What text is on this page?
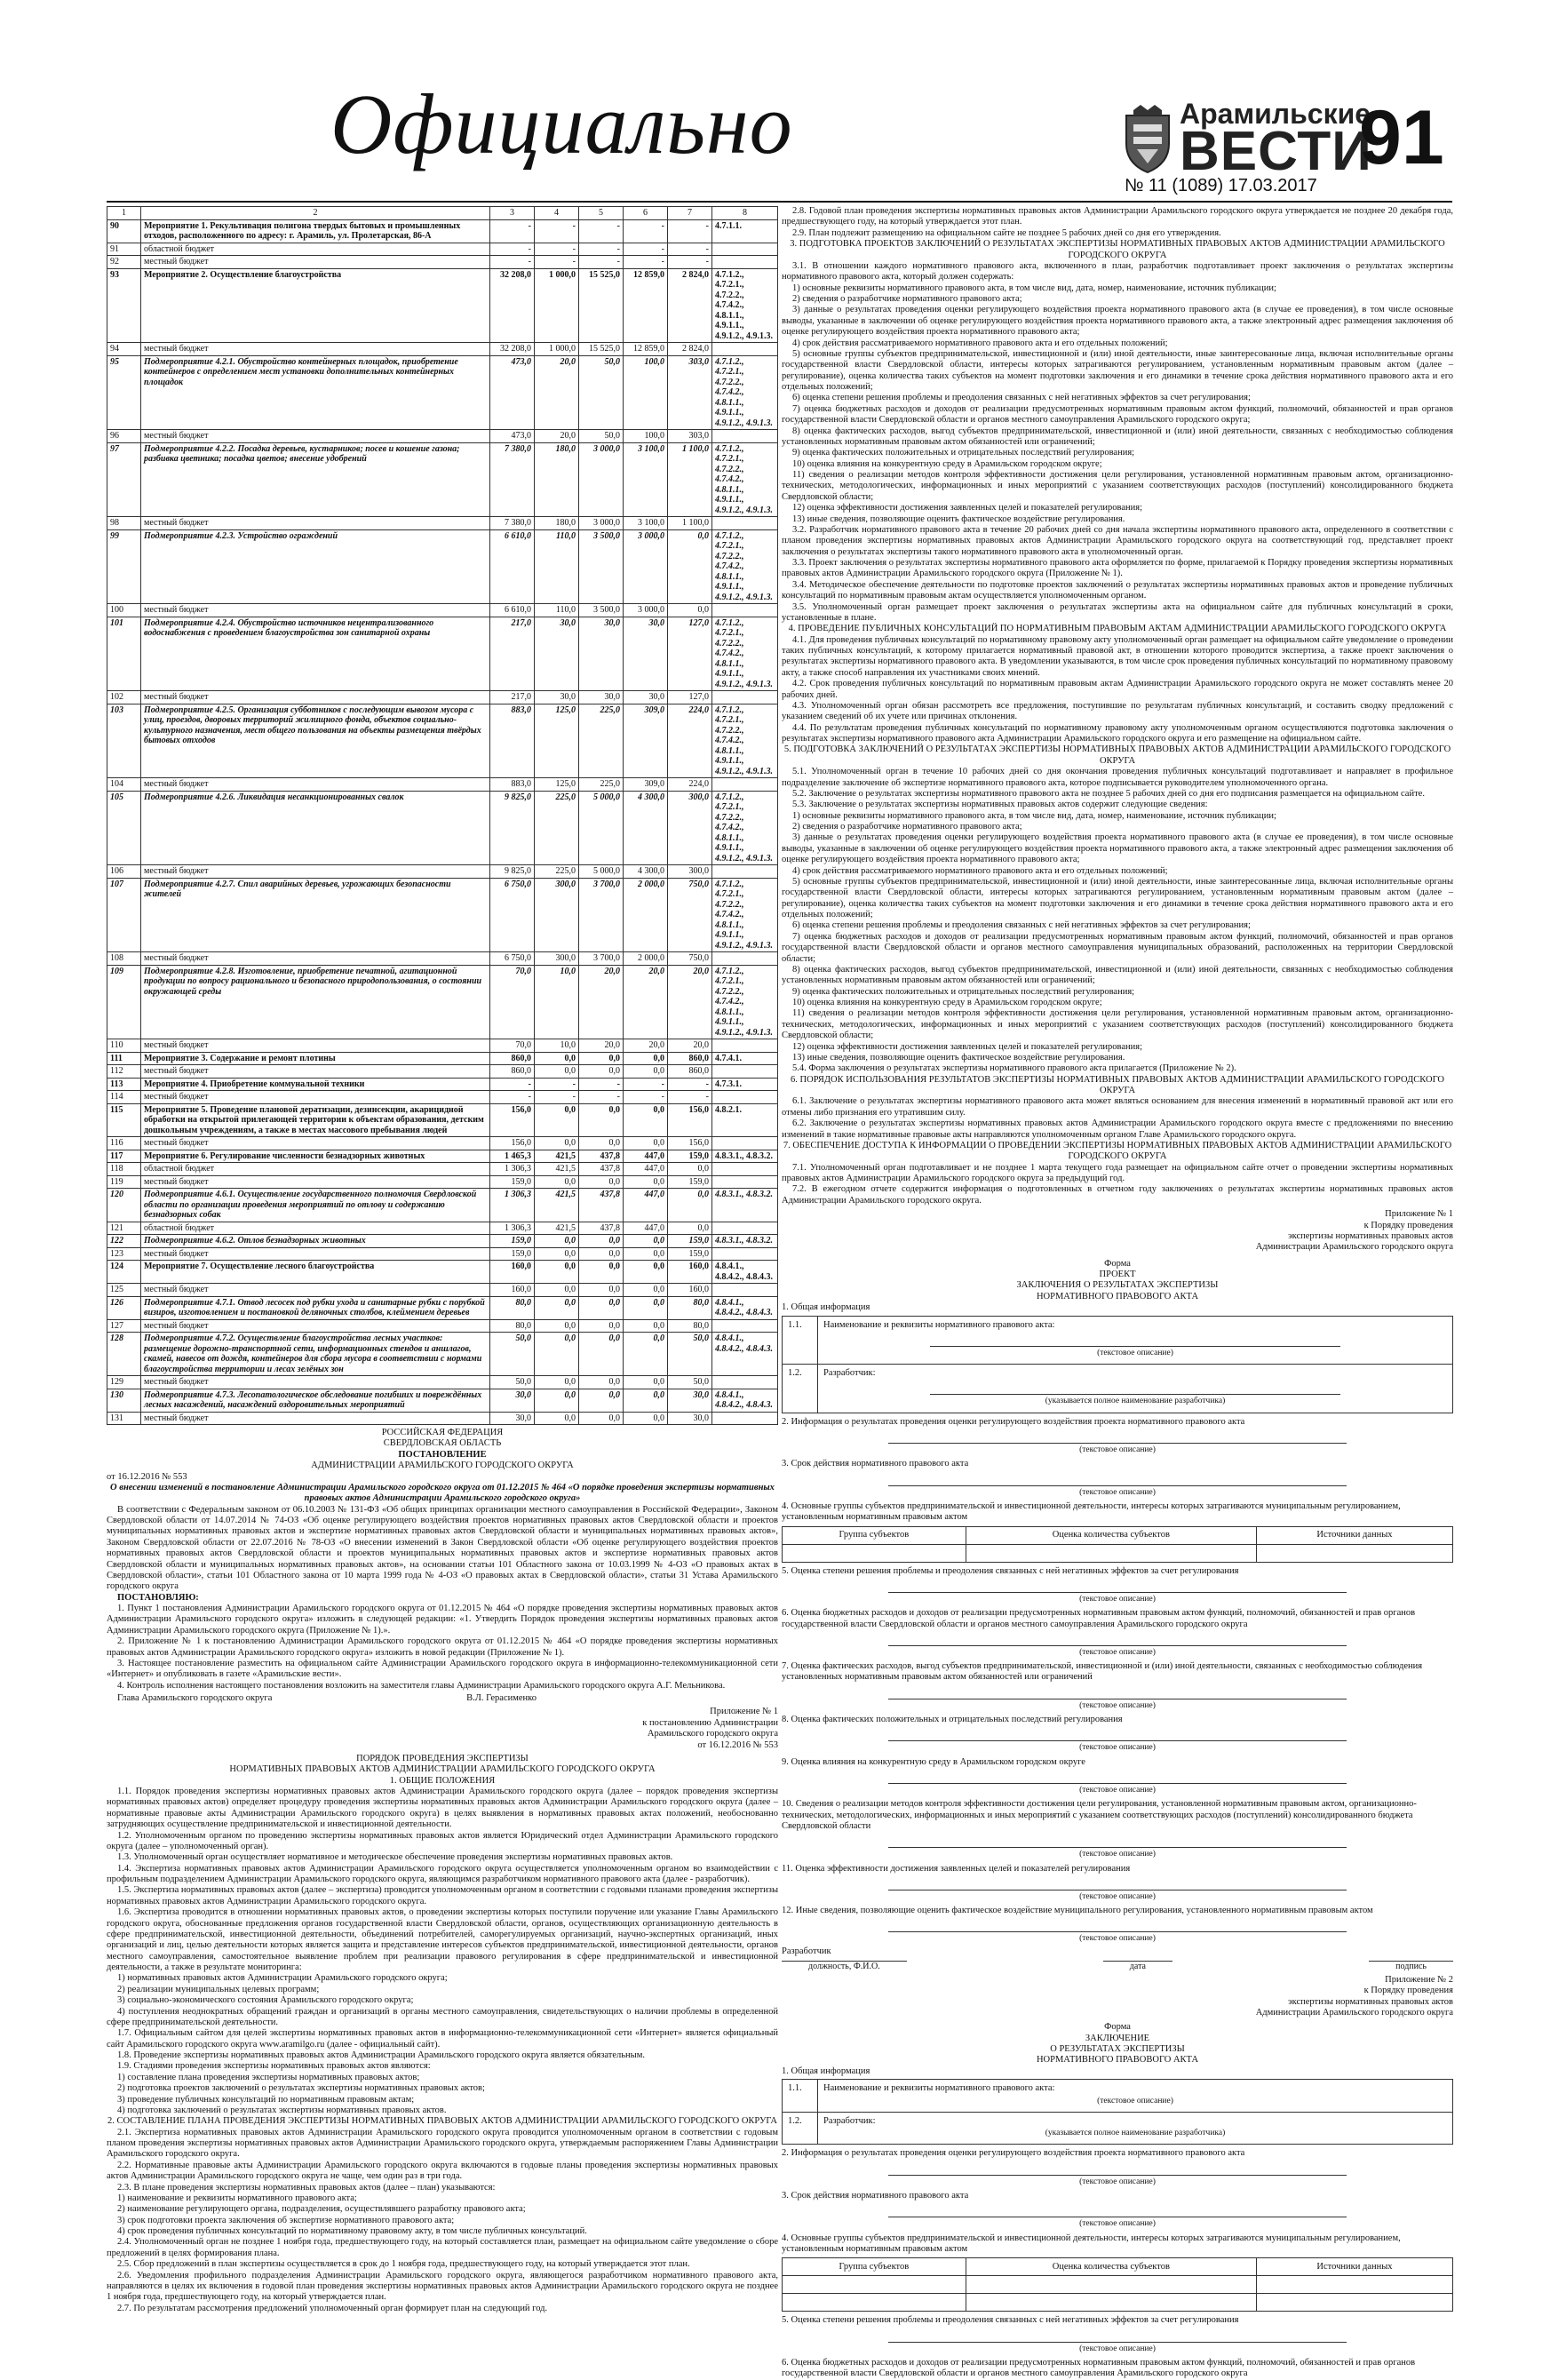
Официально	Арамильские
ВЕСТИ
91
№ 11 (1089) 17.03.2017
1	2	3	4	5	6	7	8
90	Мероприятие 1. Рекультивация полигона твердых бытовых и промышленных отходов, расположенного по адресу: г. Арамиль, ул. Пролетарская, 86-А	-	-	-	-	-	4.7.1.1.
91	областной бюджет	-	-	-	-	-	
92	местный бюджет	-	-	-	-	-	
93	Мероприятие 2. Осуществление благоустройства	32 208,0	1 000,0	15 525,0	12 859,0	2 824,0	4.7.1.2., 4.7.2.1., 4.7.2.2., 4.7.4.2., 4.8.1.1., 4.9.1.1., 4.9.1.2., 4.9.1.3.
94	местный бюджет	32 208,0	1 000,0	15 525,0	12 859,0	2 824,0	
95	Подмероприятие 4.2.1. Обустройство контейнерных площадок, приобретение контейнеров с определением мест установки дополнительных контейнерных площадок	473,0	20,0	50,0	100,0	303,0	4.7.1.2., 4.7.2.1., 4.7.2.2., 4.7.4.2., 4.8.1.1., 4.9.1.1., 4.9.1.2., 4.9.1.3.
96	местный бюджет	473,0	20,0	50,0	100,0	303,0	
97	Подмероприятие 4.2.2. Посадка деревьев, кустарников; посев и кошение газона; разбивка цветника; посадка цветов; внесение удобрений	7 380,0	180,0	3 000,0	3 100,0	1 100,0	4.7.1.2., 4.7.2.1., 4.7.2.2., 4.7.4.2., 4.8.1.1., 4.9.1.1., 4.9.1.2., 4.9.1.3.
98	местный бюджет	7 380,0	180,0	3 000,0	3 100,0	1 100,0	
99	Подмероприятие 4.2.3. Устройство ограждений	6 610,0	110,0	3 500,0	3 000,0	0,0	4.7.1.2., 4.7.2.1., 4.7.2.2., 4.7.4.2., 4.8.1.1., 4.9.1.1., 4.9.1.2., 4.9.1.3.
100	местный бюджет	6 610,0	110,0	3 500,0	3 000,0	0,0	
101	Подмероприятие 4.2.4. Обустройство источников нецентрализованного водоснабжения с проведением благоустройства зон санитарной охраны	217,0	30,0	30,0	30,0	127,0	4.7.1.2., 4.7.2.1., 4.7.2.2., 4.7.4.2., 4.8.1.1., 4.9.1.1., 4.9.1.2., 4.9.1.3.
102	местный бюджет	217,0	30,0	30,0	30,0	127,0	
103	Подмероприятие 4.2.5. Организация субботников с последующим вывозом мусора с улиц, проездов, дворовых территорий жилищного фонда, объектов социально-культурного назначения, мест общего пользования на объекты размещения твёрдых бытовых отходов	883,0	125,0	225,0	309,0	224,0	4.7.1.2., 4.7.2.1., 4.7.2.2., 4.7.4.2., 4.8.1.1., 4.9.1.1., 4.9.1.2., 4.9.1.3.
104	местный бюджет	883,0	125,0	225,0	309,0	224,0	
105	Подмероприятие 4.2.6. Ликвидация несанкционированных свалок	9 825,0	225,0	5 000,0	4 300,0	300,0	4.7.1.2., 4.7.2.1., 4.7.2.2., 4.7.4.2., 4.8.1.1., 4.9.1.1., 4.9.1.2., 4.9.1.3.
106	местный бюджет	9 825,0	225,0	5 000,0	4 300,0	300,0	
107	Подмероприятие 4.2.7. Спил аварийных деревьев, угрожающих безопасности жителей	6 750,0	300,0	3 700,0	2 000,0	750,0	4.7.1.2., 4.7.2.1., 4.7.2.2., 4.7.4.2., 4.8.1.1., 4.9.1.1., 4.9.1.2., 4.9.1.3.
108	местный бюджет	6 750,0	300,0	3 700,0	2 000,0	750,0	
109	Подмероприятие 4.2.8. Изготовление, приобретение печатной, агитационной продукции по вопросу рационального и безопасного природопользования, о состоянии окружающей среды	70,0	10,0	20,0	20,0	20,0	4.7.1.2., 4.7.2.1., 4.7.2.2., 4.7.4.2., 4.8.1.1., 4.9.1.1., 4.9.1.2., 4.9.1.3.
110	местный бюджет	70,0	10,0	20,0	20,0	20,0	
111	Мероприятие 3. Содержание и ремонт плотины	860,0	0,0	0,0	0,0	860,0	4.7.4.1.
112	местный бюджет	860,0	0,0	0,0	0,0	860,0	
113	Мероприятие 4. Приобретение коммунальной техники	-	-	-	-	-	4.7.3.1.
114	местный бюджет	-	-	-	-	-	
115	Мероприятие 5. Проведение плановой дератизации, дезинсекции, акарицидной обработки на открытой прилегающей территории к объектам образования, детским дошкольным учреждениям, а также в местах массового пребывания людей	156,0	0,0	0,0	0,0	156,0	4.8.2.1.
116	местный бюджет	156,0	0,0	0,0	0,0	156,0	
117	Мероприятие 6. Регулирование численности безнадзорных животных	1 465,3	421,5	437,8	447,0	159,0	4.8.3.1., 4.8.3.2.
118	областной бюджет	1 306,3	421,5	437,8	447,0	0,0	
119	местный бюджет	159,0	0,0	0,0	0,0	159,0	
120	Подмероприятие 4.6.1. Осуществление государственного полномочия Свердловской области по организации проведения мероприятий по отлову и содержанию безнадзорных собак	1 306,3	421,5	437,8	447,0	0,0	4.8.3.1., 4.8.3.2.
121	областной бюджет	1 306,3	421,5	437,8	447,0	0,0	
122	Подмероприятие 4.6.2. Отлов безнадзорных животных	159,0	0,0	0,0	0,0	159,0	4.8.3.1., 4.8.3.2.
123	местный бюджет	159,0	0,0	0,0	0,0	159,0	
124	Мероприятие 7. Осуществление лесного благоустройства	160,0	0,0	0,0	0,0	160,0	4.8.4.1., 4.8.4.2., 4.8.4.3.
125	местный бюджет	160,0	0,0	0,0	0,0	160,0	
126	Подмероприятие 4.7.1. Отвод лесосек под рубки ухода и санитарные рубки с порубкой визиров, изготовлением и постановкой деляночных столбов, клеймением деревьев	80,0	0,0	0,0	0,0	80,0	4.8.4.1., 4.8.4.2., 4.8.4.3.
127	местный бюджет	80,0	0,0	0,0	0,0	80,0	
128	Подмероприятие 4.7.2. Осуществление благоустройства лесных участков: размещение дорожно-транспортной сети, информационных стендов и аншлагов, скамей, навесов от дождя, контейнеров для сбора мусора в соответствии с нормами благоустройства территории и лесах зелёных зон	50,0	0,0	0,0	0,0	50,0	4.8.4.1., 4.8.4.2., 4.8.4.3.
129	местный бюджет	50,0	0,0	0,0	0,0	50,0	
130	Подмероприятие 4.7.3. Лесопатологическое обследование погибших и повреждённых лесных насаждений, насаждений оздоровительных мероприятий	30,0	0,0	0,0	0,0	30,0	4.8.4.1., 4.8.4.2., 4.8.4.3.
131	местный бюджет	30,0	0,0	0,0	0,0	30,0	
РОССИЙСКАЯ ФЕДЕРАЦИЯ
СВЕРДЛОВСКАЯ ОБЛАСТЬ
ПОСТАНОВЛЕНИЕ
АДМИНИСТРАЦИИ АРАМИЛЬСКОГО ГОРОДСКОГО ОКРУГА
от 16.12.2016 № 553
О внесении изменений в постановление Администрации Арамильского городского округа от 01.12.2015 № 464 «О порядке проведения экспертизы нормативных правовых актов Администрации Арамильского городского округа»

В соответствии с Федеральным законом от 06.10.2003 № 131-ФЗ «Об общих принципах организации местного самоуправления в Российской Федерации», Законом Свердловской области от 14.07.2014 № 74-ОЗ «Об оценке регулирующего воздействия проектов нормативных правовых актов Свердловской области и проектов муниципальных нормативных правовых актов и экспертизе нормативных правовых актов Свердловской области и муниципальных нормативных правовых актов», Законом Свердловской области от 22.07.2016 № 78-ОЗ «О внесении изменений в Закон Свердловской области «Об оценке регулирующего воздействия проектов нормативных правовых актов Свердловской области и проектов муниципальных нормативных правовых актов и экспертизе нормативных правовых актов Свердловской области и муниципальных нормативных правовых актов», на основании статьи 101 Областного закона от 10.03.1999 № 4-ОЗ «О правовых актах в Свердловской области», статьи 101 Областного закона от 10 марта 1999 года № 4-ОЗ «О правовых актах в Свердловской области», статьи 31 Устава Арамильского городского округа

ПОСТАНОВЛЯЮ:

1. Пункт 1 постановления Администрации Арамильского городского округа от 01.12.2015 № 464 «О порядке проведения экспертизы нормативных правовых актов Администрации Арамильского городского округа» изложить в следующей редакции: «1. Утвердить Порядок проведения экспертизы нормативных правовых актов Администрации Арамильского городского округа (Приложение № 1).».

2. Приложение № 1 к постановлению Администрации Арамильского городского округа от 01.12.2015 № 464 «О порядке проведения экспертизы нормативных правовых актов Администрации Арамильского городского округа» изложить в новой редакции (Приложение № 1).

3. Настоящее постановление разместить на официальном сайте Администрации Арамильского городского округа в информационно-телекоммуникационной сети «Интернет» и опубликовать в газете «Арамильские вести».

4. Контроль исполнения настоящего постановления возложить на заместителя главы Администрации Арамильского городского округа А.Г. Мельникова.

Глава Арамильского городского округа	В.Л. Герасименко
Приложение № 1
к постановлению Администрации
Арамильского городского округа
от 16.12.2016 № 553
ПОРЯДОК ПРОВЕДЕНИЯ ЭКСПЕРТИЗЫ
НОРМАТИВНЫХ ПРАВОВЫХ АКТОВ АДМИНИСТРАЦИИ АРАМИЛЬСКОГО ГОРОДСКОГО ОКРУГА
1. ОБЩИЕ ПОЛОЖЕНИЯ

1.1. Порядок проведения экспертизы нормативных правовых актов Администрации Арамильского городского округа (далее – порядок проведения экспертизы нормативных правовых актов) определяет процедуру проведения экспертизы нормативных правовых актов Администрации Арамильского городского округа (далее – нормативные правовые акты Администрации Арамильского городского округа) в целях выявления в нормативных правовых актах положений, необоснованно затрудняющих осуществление предпринимательской и инвестиционной деятельности.

1.2. Уполномоченным органом по проведению экспертизы нормативных правовых актов является Юридический отдел Администрации Арамильского городского округа (далее – уполномоченный орган).

1.3. Уполномоченный орган осуществляет нормативное и методическое обеспечение проведения экспертизы нормативных правовых актов.

1.4. Экспертиза нормативных правовых актов Администрации Арамильского городского округа осуществляется уполномоченным органом во взаимодействии с профильным подразделением Администрации Арамильского городского округа, являющимся разработчиком нормативного правового акта (далее - разработчик).

1.5. Экспертиза нормативных правовых актов (далее – экспертиза) проводится уполномоченным органом в соответствии с годовыми планами проведения экспертизы нормативных правовых актов Администрации Арамильского городского округа.

1.6. Экспертиза проводится в отношении нормативных правовых актов, о проведении экспертизы которых поступили поручение или указание Главы Арамильского городского округа, обоснованные предложения органов государственной власти Свердловской области, органов, осуществляющих организационную деятельность в сфере предпринимательской, инвестиционной деятельности, объединений потребителей, саморегулируемых организаций, научно-экспертных организаций, иных организаций и лиц, целью деятельности которых является защита и представление интересов субъектов предпринимательской, инвестиционной деятельности, органов местного самоуправления, самостоятельное выявление проблем при реализации правового регулирования в сфере предпринимательской и инвестиционной деятельности, а также в результате мониторинга:

1) нормативных правовых актов Администрации Арамильского городского округа;

2) реализации муниципальных целевых программ;

3) социально-экономического состояния Арамильского городского округа;

4) поступления неоднократных обращений граждан и организаций в органы местного самоуправления, свидетельствующих о наличии проблемы в определенной сфере предпринимательской деятельности.

1.7. Официальным сайтом для целей экспертизы нормативных правовых актов в информационно-телекоммуникационной сети «Интернет» является официальный сайт Арамильского городского округа www.aramilgo.ru (далее - официальный сайт).

1.8. Проведение экспертизы нормативных правовых актов Администрации Арамильского городского округа является обязательным.

1.9. Стадиями проведения экспертизы нормативных правовых актов являются:

1) составление плана проведения экспертизы нормативных правовых актов;

2) подготовка проектов заключений о результатах экспертизы нормативных правовых актов;

3) проведение публичных консультаций по нормативным правовым актам;

4) подготовка заключений о результатах экспертизы нормативных правовых актов.

2. СОСТАВЛЕНИЕ ПЛАНА ПРОВЕДЕНИЯ ЭКСПЕРТИЗЫ НОРМАТИВНЫХ ПРАВОВЫХ АКТОВ АДМИНИСТРАЦИИ АРАМИЛЬСКОГО ГОРОДСКОГО ОКРУГА

2.1. Экспертиза нормативных правовых актов Администрации Арамильского городского округа проводится уполномоченным органом в соответствии с годовым планом проведения экспертизы нормативных правовых актов Администрации Арамильского городского округа, утверждаемым распоряжением Главы Администрации Арамильского городского округа.

2.2. Нормативные правовые акты Администрации Арамильского городского округа включаются в годовые планы проведения экспертизы нормативных правовых актов Администрации Арамильского городского округа не чаще, чем один раз в три года.

2.3. В плане проведения экспертизы нормативных правовых актов (далее – план) указываются:

1) наименование и реквизиты нормативного правового акта;

2) наименование регулирующего органа, подразделения, осуществлявшего разработку правового акта;

3) срок подготовки проекта заключения об экспертизе нормативного правового акта;

4) срок проведения публичных консультаций по нормативному правовому акту, в том числе публичных консультаций.

2.4. Уполномоченный орган не позднее 1 ноября года, предшествующего году, на который составляется план, размещает на официальном сайте уведомление о сборе предложений в целях формирования плана.

2.5. Сбор предложений в план экспертизы осуществляется в срок до 1 ноября года, предшествующего году, на который утверждается этот план.

2.6. Уведомления профильного подразделения Администрации Арамильского городского округа, являющегося разработчиком нормативного правового акта, направляются в целях их включения в годовой план проведения экспертизы нормативных правовых актов Администрации Арамильского городского округа не позднее 1 ноября года, предшествующего году, на который утверждается план.

2.7. По результатам рассмотрения предложений уполномоченный орган формирует план на следующий год.

2.8. Годовой план проведения экспертизы нормативных правовых актов Администрации Арамильского городского округа утверждается не позднее 20 декабря года, предшествующего году, на который утверждается этот план.

2.9. План подлежит размещению на официальном сайте не позднее 5 рабочих дней со дня его утверждения.

3. ПОДГОТОВКА ПРОЕКТОВ ЗАКЛЮЧЕНИЙ О РЕЗУЛЬТАТАХ ЭКСПЕРТИЗЫ НОРМАТИВНЫХ ПРАВОВЫХ АКТОВ АДМИНИСТРАЦИИ АРАМИЛЬСКОГО ГОРОДСКОГО ОКРУГА

3.1. В отношении каждого нормативного правового акта, включенного в план, разработчик подготавливает проект заключения о результатах экспертизы нормативного правового акта, который должен содержать:

1) основные реквизиты нормативного правового акта, в том числе вид, дата, номер, наименование, источник публикации;

2) сведения о разработчике нормативного правового акта;

3) данные о результатах проведения оценки регулирующего воздействия проекта нормативного правового акта (в случае ее проведения), в том числе основные выводы, указанные в заключении об оценке регулирующего воздействия проекта нормативного правового акта, а также электронный адрес размещения заключения об оценке регулирующего воздействия проекта нормативного правового акта;

4) срок действия рассматриваемого нормативного правового акта и его отдельных положений;

5) основные группы субъектов предпринимательской, инвестиционной и (или) иной деятельности, иные заинтересованные лица, включая исполнительные органы государственной власти Свердловской области, интересы которых затрагиваются регулированием, установленным нормативным правовым актом (далее – регулирование), оценка количества таких субъектов на момент подготовки заключения и его динамики в течение срока действия нормативного правового акта и его отдельных положений;

6) оценка степени решения проблемы и преодоления связанных с ней негативных эффектов за счет регулирования;

7) оценка бюджетных расходов и доходов от реализации предусмотренных нормативным правовым актом функций, полномочий, обязанностей и прав органов государственной власти Свердловской области и органов местного самоуправления Арамильского городского округа;

8) оценка фактических расходов, выгод субъектов предпринимательской, инвестиционной и (или) иной деятельности, связанных с необходимостью соблюдения установленных нормативным правовым актом обязанностей или ограничений;

9) оценка фактических положительных и отрицательных последствий регулирования;

10) оценка влияния на конкурентную среду в Арамильском городском округе;

11) сведения о реализации методов контроля эффективности достижения цели регулирования, установленной нормативным правовым актом, организационно-технических, методологических, информационных и иных мероприятий с указанием соответствующих расходов (поступлений) консолидированного бюджета Свердловской области;

12) оценка эффективности достижения заявленных целей и показателей регулирования;

13) иные сведения, позволяющие оценить фактическое воздействие регулирования.

3.2. Разработчик нормативного правового акта в течение 20 рабочих дней со дня начала экспертизы нормативного правового акта, определенного в соответствии с планом проведения экспертизы нормативных правовых актов Администрации Арамильского городского округа на соответствующий год, представляет проект заключения о результатах экспертизы такого нормативного правового акта в уполномоченный орган.

3.3. Проект заключения о результатах экспертизы нормативного правового акта оформляется по форме, прилагаемой к Порядку проведения экспертизы нормативных правовых актов Администрации Арамильского городского округа (Приложение № 1).

3.4. Методическое обеспечение деятельности по подготовке проектов заключений о результатах экспертизы нормативных правовых актов и проведение публичных консультаций по нормативным правовым актам осуществляется уполномоченным органом.

3.5. Уполномоченный орган размещает проект заключения о результатах экспертизы акта на официальном сайте для публичных консультаций в сроки, установленные в плане.

4. ПРОВЕДЕНИЕ ПУБЛИЧНЫХ КОНСУЛЬТАЦИЙ ПО НОРМАТИВНЫМ ПРАВОВЫМ АКТАМ АДМИНИСТРАЦИИ АРАМИЛЬСКОГО ГОРОДСКОГО ОКРУГА

4.1. Для проведения публичных консультаций по нормативному правовому акту уполномоченный орган размещает на официальном сайте уведомление о проведении таких публичных консультаций, к которому прилагается нормативный правовой акт, в отношении которого проводится экспертиза, а также проект заключения о результатах экспертизы нормативного правового акта. В уведомлении указываются, в том числе срок проведения публичных консультаций по нормативному правовому акту, а также способ направления их участниками своих мнений.

4.2. Срок проведения публичных консультаций по нормативным правовым актам Администрации Арамильского городского округа не может составлять менее 20 рабочих дней.

4.3. Уполномоченный орган обязан рассмотреть все предложения, поступившие по результатам публичных консультаций, и составить сводку предложений с указанием сведений об их учете или причинах отклонения.

4.4. По результатам проведения публичных консультаций по нормативному правовому акту уполномоченным органом осуществляются подготовка заключения о результатах экспертизы нормативного правового акта Администрации Арамильского городского округа и его размещение на официальном сайте.

5. ПОДГОТОВКА ЗАКЛЮЧЕНИЙ О РЕЗУЛЬТАТАХ ЭКСПЕРТИЗЫ НОРМАТИВНЫХ ПРАВОВЫХ АКТОВ АДМИНИСТРАЦИИ АРАМИЛЬСКОГО ГОРОДСКОГО ОКРУГА

5.1. Уполномоченный орган в течение 10 рабочих дней со дня окончания проведения публичных консультаций подготавливает и направляет в профильное подразделение заключение об экспертизе нормативного правового акта, которое подписывается руководителем уполномоченного органа.

5.2. Заключение о результатах экспертизы нормативного правового акта не позднее 5 рабочих дней со дня его подписания размещается на официальном сайте.

5.3. Заключение о результатах экспертизы нормативных правовых актов содержит следующие сведения:

1) основные реквизиты нормативного правового акта, в том числе вид, дата, номер, наименование, источник публикации;

2) сведения о разработчике нормативного правового акта;

3) данные о результатах проведения оценки регулирующего воздействия проекта нормативного правового акта (в случае ее проведения), в том числе основные выводы, указанные в заключении об оценке регулирующего воздействия проекта нормативного правового акта, а также электронный адрес размещения заключения об оценке регулирующего воздействия проекта нормативного правового акта;

4) срок действия рассматриваемого нормативного правового акта и его отдельных положений;

5) основные группы субъектов предпринимательской, инвестиционной и (или) иной деятельности, иные заинтересованные лица, включая исполнительные органы государственной власти Свердловской области, интересы которых затрагиваются регулированием, установленным нормативным правовым актом (далее – регулирование), оценка количества таких субъектов на момент подготовки заключения и его динамики в течение срока действия нормативного правового акта и его отдельных положений;

6) оценка степени решения проблемы и преодоления связанных с ней негативных эффектов за счет регулирования;

7) оценка бюджетных расходов и доходов от реализации предусмотренных нормативным правовым актом функций, полномочий, обязанностей и прав органов государственной власти Свердловской области и органов местного самоуправления муниципальных образований, расположенных на территории Свердловской области;

8) оценка фактических расходов, выгод субъектов предпринимательской, инвестиционной и (или) иной деятельности, связанных с необходимостью соблюдения установленных нормативным правовым актом обязанностей или ограничений;

9) оценка фактических положительных и отрицательных последствий регулирования;

10) оценка влияния на конкурентную среду в Арамильском городском округе;

11) сведения о реализации методов контроля эффективности достижения цели регулирования, установленной нормативным правовым актом, организационно-технических, методологических, информационных и иных мероприятий с указанием соответствующих расходов (поступлений) консолидированного бюджета Свердловской области;

12) оценка эффективности достижения заявленных целей и показателей регулирования;

13) иные сведения, позволяющие оценить фактическое воздействие регулирования.

5.4. Форма заключения о результатах экспертизы нормативного правового акта прилагается (Приложение № 2).

6. ПОРЯДОК ИСПОЛЬЗОВАНИЯ РЕЗУЛЬТАТОВ ЭКСПЕРТИЗЫ НОРМАТИВНЫХ ПРАВОВЫХ АКТОВ АДМИНИСТРАЦИИ АРАМИЛЬСКОГО ГОРОДСКОГО ОКРУГА

6.1. Заключение о результатах экспертизы нормативного правового акта может являться основанием для внесения изменений в нормативный правовой акт или его отмены либо признания его утратившим силу.

6.2. Заключение о результатах экспертизы нормативных правовых актов Администрации Арамильского городского округа вместе с предложениями по внесению изменений в такие нормативные правовые акты направляются уполномоченным органом Главе Арамильского городского округа.

7. ОБЕСПЕЧЕНИЕ ДОСТУПА К ИНФОРМАЦИИ О ПРОВЕДЕНИИ ЭКСПЕРТИЗЫ НОРМАТИВНЫХ ПРАВОВЫХ АКТОВ АДМИНИСТРАЦИИ АРАМИЛЬСКОГО ГОРОДСКОГО ОКРУГА

7.1. Уполномоченный орган подготавливает и не позднее 1 марта текущего года размещает на официальном сайте отчет о проведении экспертизы нормативных правовых актов Администрации Арамильского городского округа за предыдущий год.

7.2. В ежегодном отчете содержится информация о подготовленных в отчетном году заключениях о результатах экспертизы нормативных правовых актов Администрации Арамильского городского округа.

Приложение № 1
к Порядку проведения
экспертизы нормативных правовых актов
Администрации Арамильского городского округа
Форма
ПРОЕКТ
ЗАКЛЮЧЕНИЯ О РЕЗУЛЬТАТАХ ЭКСПЕРТИЗЫ
НОРМАТИВНОГО ПРАВОВОГО АКТА
1. Общая информация
1.1.	Наименование и реквизиты нормативного правового акта:
(текстовое описание)

1.2.	Разработчик:
(указывается полное наименование разработчика)
2. Информация о результатах проведения оценки регулирующего воздействия проекта нормативного правового акта
(текстовое описание)
3. Срок действия нормативного правового акта
(текстовое описание)
4. Основные группы субъектов предпринимательской и инвестиционной деятельности, интересы которых затрагиваются муниципальным регулированием, установленным нормативным правовым актом
Группа субъектов	Оценка количества субъектов	Источники данных

5. Оценка степени решения проблемы и преодоления связанных с ней негативных эффектов за счет регулирования
(текстовое описание)
6. Оценка бюджетных расходов и доходов от реализации предусмотренных нормативным правовым актом функций, полномочий, обязанностей и прав органов государственной власти Свердловской области и органов местного самоуправления Арамильского городского округа
(текстовое описание)
7. Оценка фактических расходов, выгод субъектов предпринимательской, инвестиционной и (или) иной деятельности, связанных с необходимостью соблюдения установленных нормативным правовым актом обязанностей или ограничений
(текстовое описание)
8. Оценка фактических положительных и отрицательных последствий регулирования
(текстовое описание)
9. Оценка влияния на конкурентную среду в Арамильском городском округе
(текстовое описание)
10. Сведения о реализации методов контроля эффективности достижения цели регулирования, установленной нормативным правовым актом, организационно-технических, методологических, информационных и иных мероприятий с указанием соответствующих расходов (поступлений) консолидированного бюджета Свердловской области
(текстовое описание)
11. Оценка эффективности достижения заявленных целей и показателей регулирования
(текстовое описание)
12. Иные сведения, позволяющие оценить фактическое воздействие муниципального регулирования, установленного нормативным правовым актом
(текстовое описание)
Разработчик
должность, Ф.И.О.	дата	подпись
Приложение № 2
к Порядку проведения
экспертизы нормативных правовых актов
Администрации Арамильского городского округа
Форма
ЗАКЛЮЧЕНИЕ
О РЕЗУЛЬТАТАХ ЭКСПЕРТИЗЫ
НОРМАТИВНОГО ПРАВОВОГО АКТА
1. Общая информация
1.1.	Наименование и реквизиты нормативного правового акта:
(текстовое описание)

1.2.	Разработчик:
(указывается полное наименование разработчика)
2. Информация о результатах проведения оценки регулирующего воздействия проекта нормативного правового акта
(текстовое описание)
3. Срок действия нормативного правового акта
(текстовое описание)
4. Основные группы субъектов предпринимательской и инвестиционной деятельности, интересы которых затрагиваются муниципальным регулированием, установленным нормативным правовым актом
Группа субъектов	Оценка количества субъектов	Источники данных

5. Оценка степени решения проблемы и преодоления связанных с ней негативных эффектов за счет регулирования
(текстовое описание)
6. Оценка бюджетных расходов и доходов от реализации предусмотренных нормативным правовым актом функций, полномочий, обязанностей и прав органов государственной власти Свердловской области и органов местного самоуправления Арамильского городского округа
